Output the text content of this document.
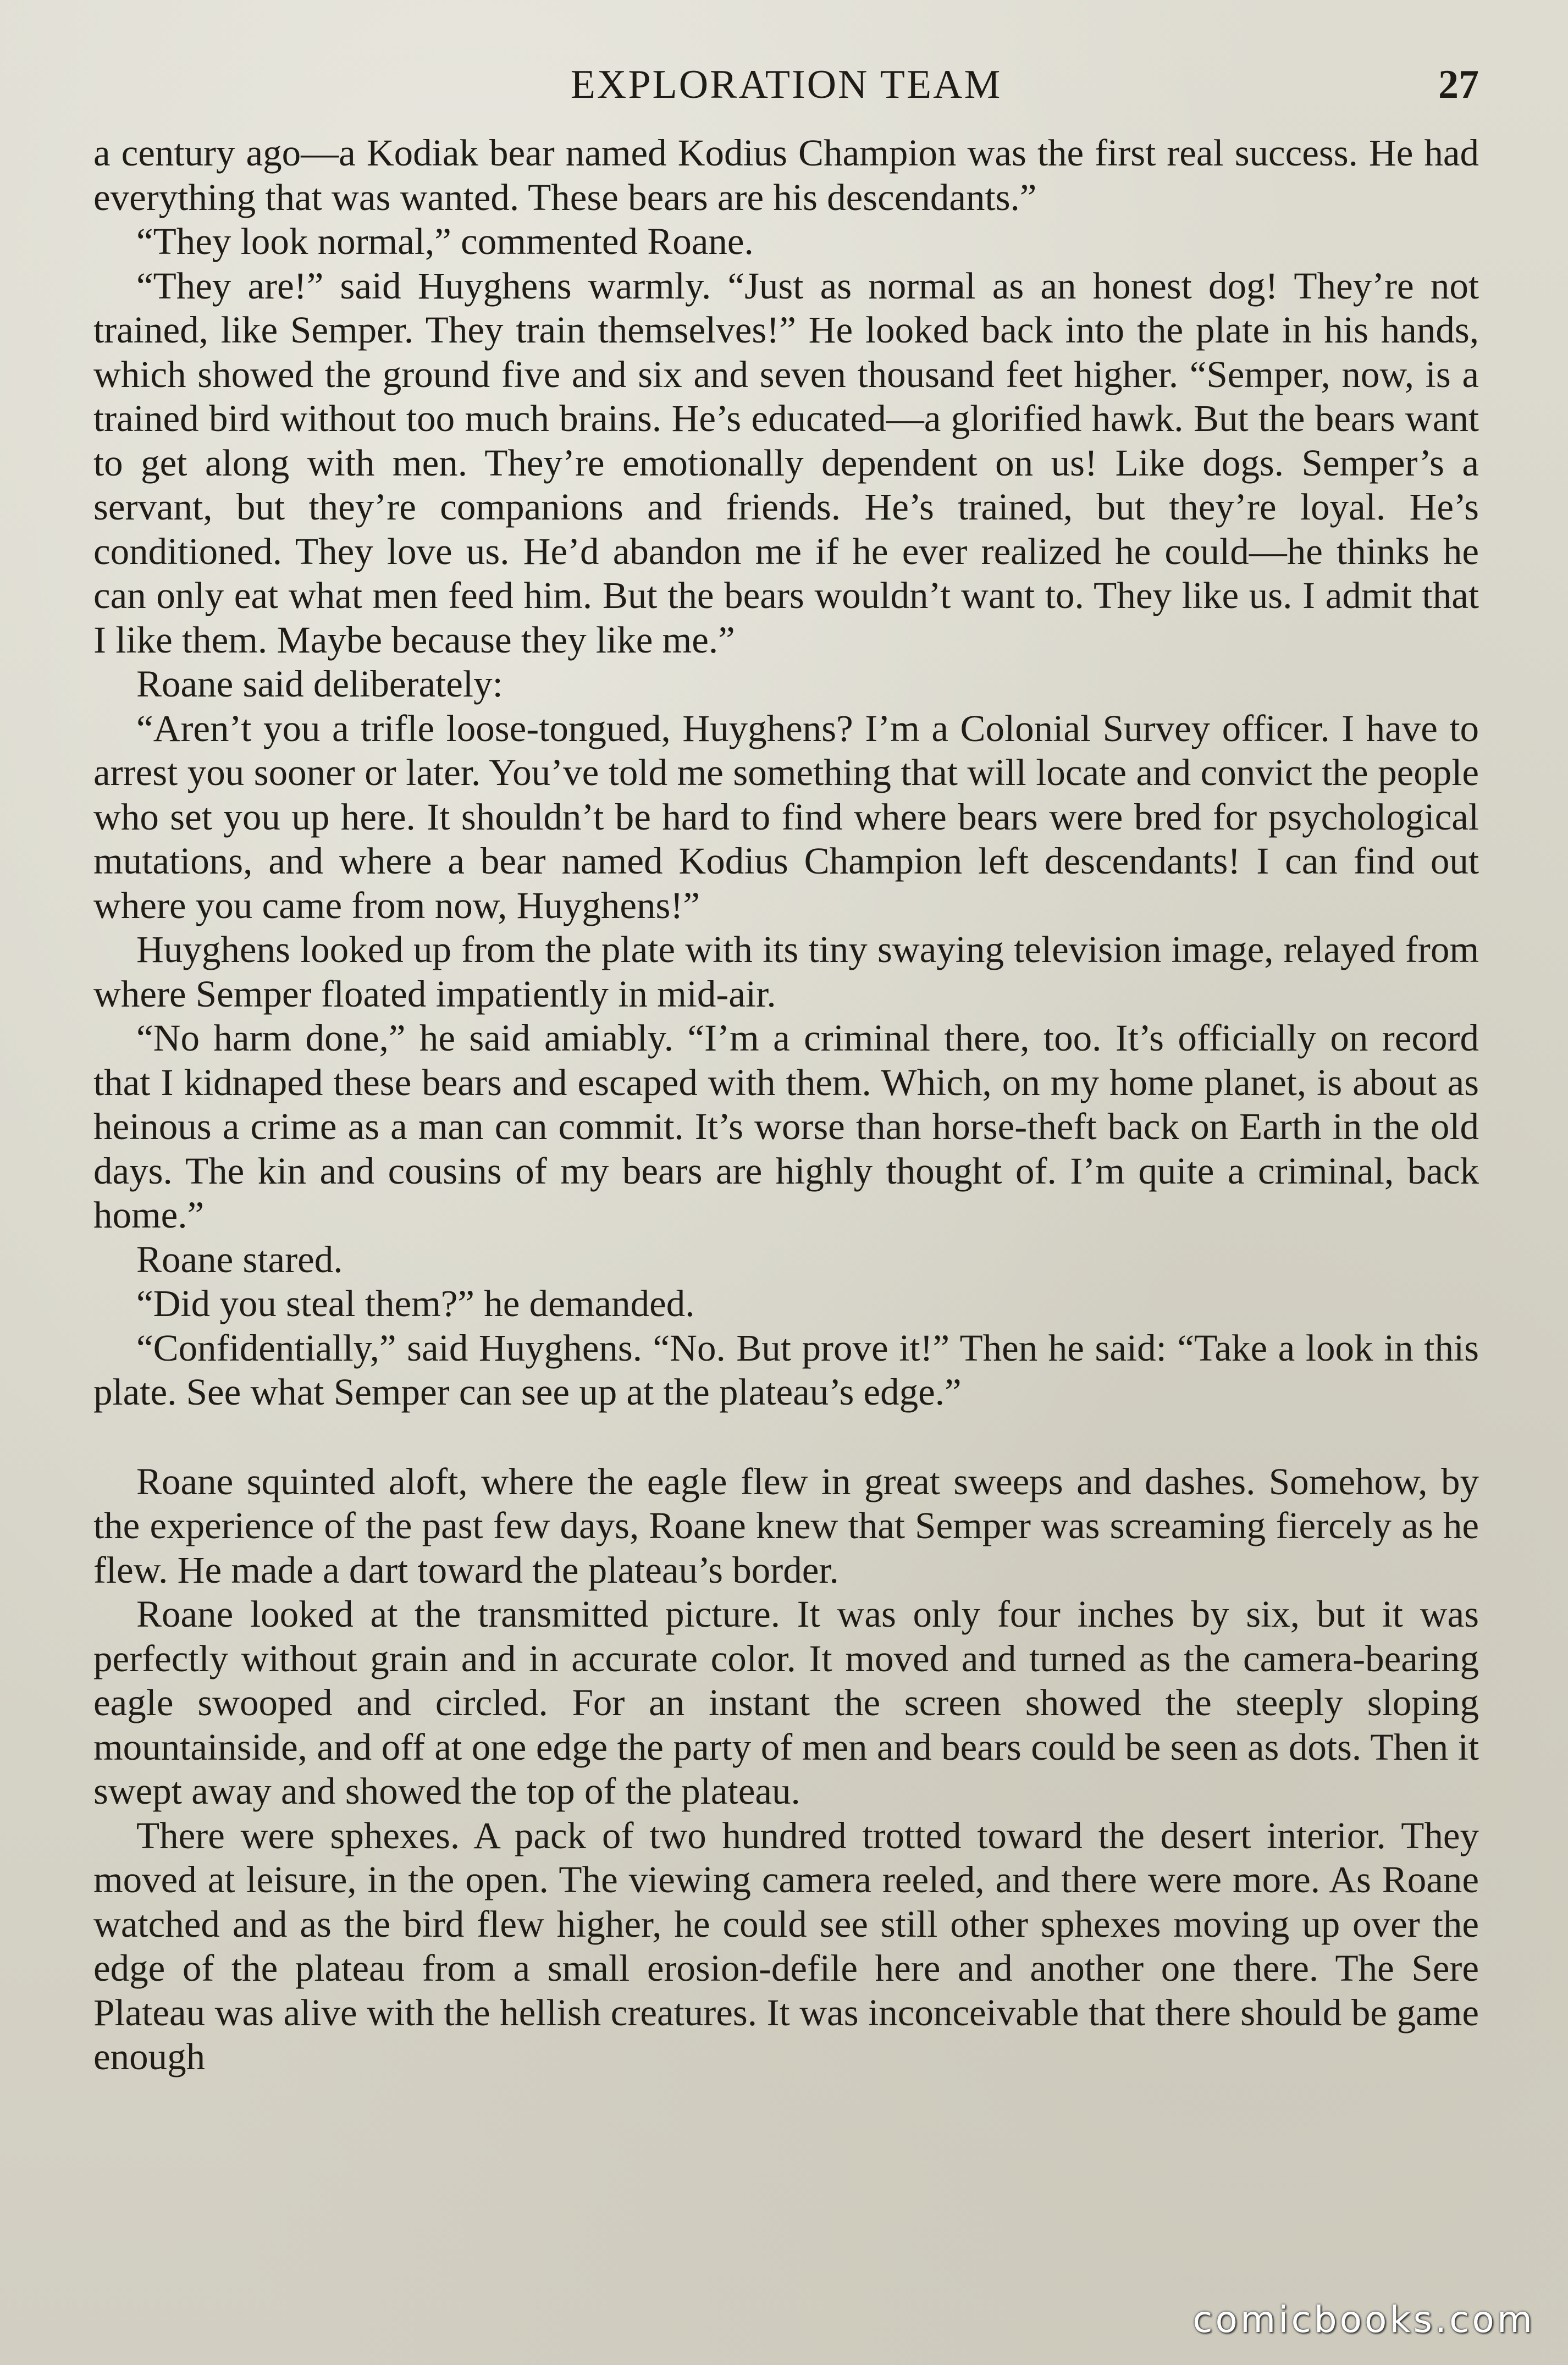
EXPLORATION TEAM	27

a century ago—a Kodiak bear named Kodius Champion was the first real success. He had everything that was wanted. These bears are his descendants.”

“They look normal,” commented Roane.

“They are!” said Huyghens warmly. “Just as normal as an honest dog! They’re not trained, like Semper. They train themselves!” He looked back into the plate in his hands, which showed the ground five and six and seven thousand feet higher. “Semper, now, is a trained bird without too much brains. He’s educated—a glorified hawk. But the bears want to get along with men. They’re emotionally dependent on us! Like dogs. Semper’s a servant, but they’re companions and friends. He’s trained, but they’re loyal. He’s conditioned. They love us. He’d abandon me if he ever realized he could—he thinks he can only eat what men feed him. But the bears wouldn’t want to. They like us. I admit that I like them. Maybe because they like me.”

Roane said deliberately:

“Aren’t you a trifle loose-tongued, Huyghens? I’m a Colonial Survey officer. I have to arrest you sooner or later. You’ve told me something that will locate and convict the people who set you up here. It shouldn’t be hard to find where bears were bred for psychological mutations, and where a bear named Kodius Champion left descendants! I can find out where you came from now, Huyghens!”

Huyghens looked up from the plate with its tiny swaying television image, relayed from where Semper floated impatiently in mid-air.

“No harm done,” he said amiably. “I’m a criminal there, too. It’s officially on record that I kidnaped these bears and escaped with them. Which, on my home planet, is about as heinous a crime as a man can commit. It’s worse than horse-theft back on Earth in the old days. The kin and cousins of my bears are highly thought of. I’m quite a criminal, back home.”

Roane stared.

“Did you steal them?” he demanded.

“Confidentially,” said Huyghens. “No. But prove it!” Then he said: “Take a look in this plate. See what Semper can see up at the plateau’s edge.”

Roane squinted aloft, where the eagle flew in great sweeps and dashes. Somehow, by the experience of the past few days, Roane knew that Semper was screaming fiercely as he flew. He made a dart toward the plateau’s border.

Roane looked at the transmitted picture. It was only four inches by six, but it was perfectly without grain and in accurate color. It moved and turned as the camera-bearing eagle swooped and circled. For an instant the screen showed the steeply sloping mountainside, and off at one edge the party of men and bears could be seen as dots. Then it swept away and showed the top of the plateau.

There were sphexes. A pack of two hundred trotted toward the desert interior. They moved at leisure, in the open. The viewing camera reeled, and there were more. As Roane watched and as the bird flew higher, he could see still other sphexes moving up over the edge of the plateau from a small erosion-defile here and another one there. The Sere Plateau was alive with the hellish creatures. It was inconceivable that there should be game enough

comicbooks.com
